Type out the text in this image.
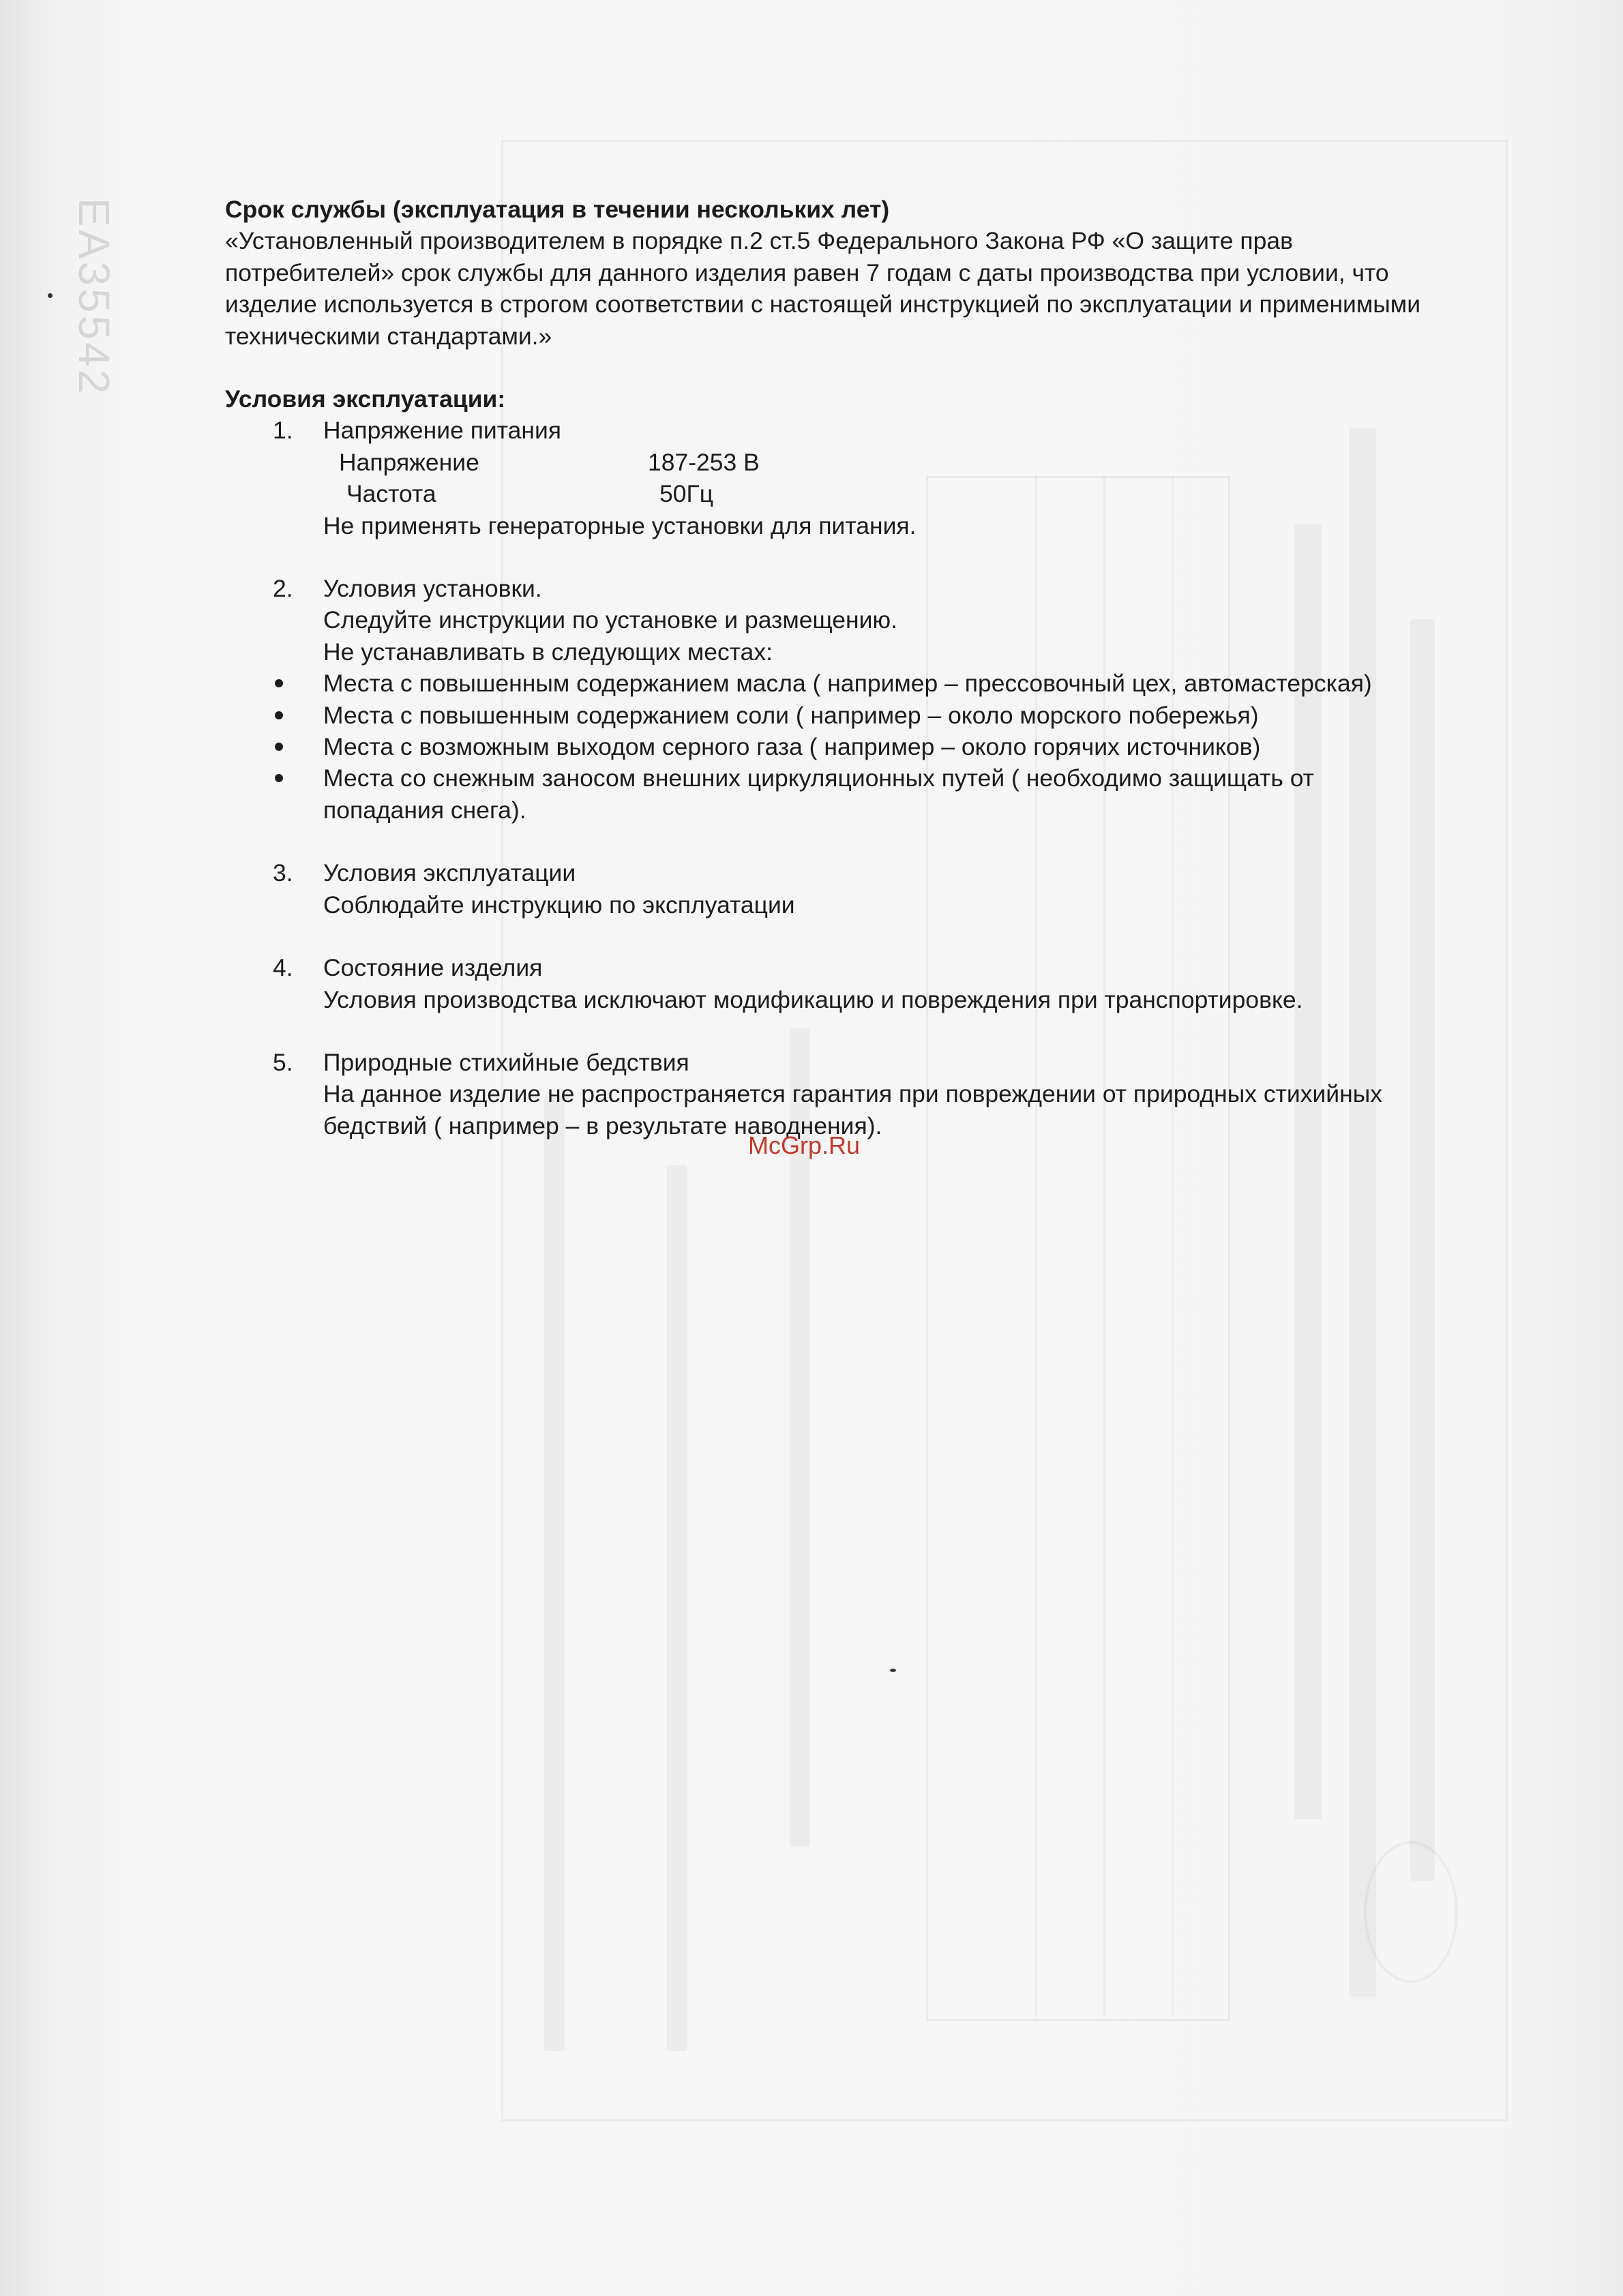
EA35542	Срок службы (эксплуатация в течении нескольких лет)

«Установленный производителем в порядке п.2 ст.5 Федерального Закона РФ «О защите прав

потребителей» срок службы для данного изделия равен 7 годам с даты производства при условии, что

изделие используется в строгом соответствии с настоящей инструкцией по эксплуатации и применимыми

техническими стандартами.»

Условия эксплуатации:

1. Напряжение питания

Напряжение	187-253 В
Частота	50Гц

Не применять генераторные установки для питания.

2. Условия установки.

Следуйте инструкции по установке и размещению.

Не устанавливать в следующих местах:

Места с повышенным содержанием масла ( например – прессовочный цех, автомастерская)

Места с повышенным содержанием соли ( например – около морского побережья)

Места с возможным выходом серного газа ( например – около горячих источников)

Места со снежным заносом внешних циркуляционных путей ( необходимо защищать от

попадания снега).

3. Условия эксплуатации

Соблюдайте инструкцию по эксплуатации

4. Состояние изделия

Условия производства исключают модификацию и повреждения при транспортировке.

5. Природные стихийные бедствия

На данное изделие не распространяется гарантия при повреждении от природных стихийных

бедствий ( например – в результате наводнения).

McGrp.Ru
